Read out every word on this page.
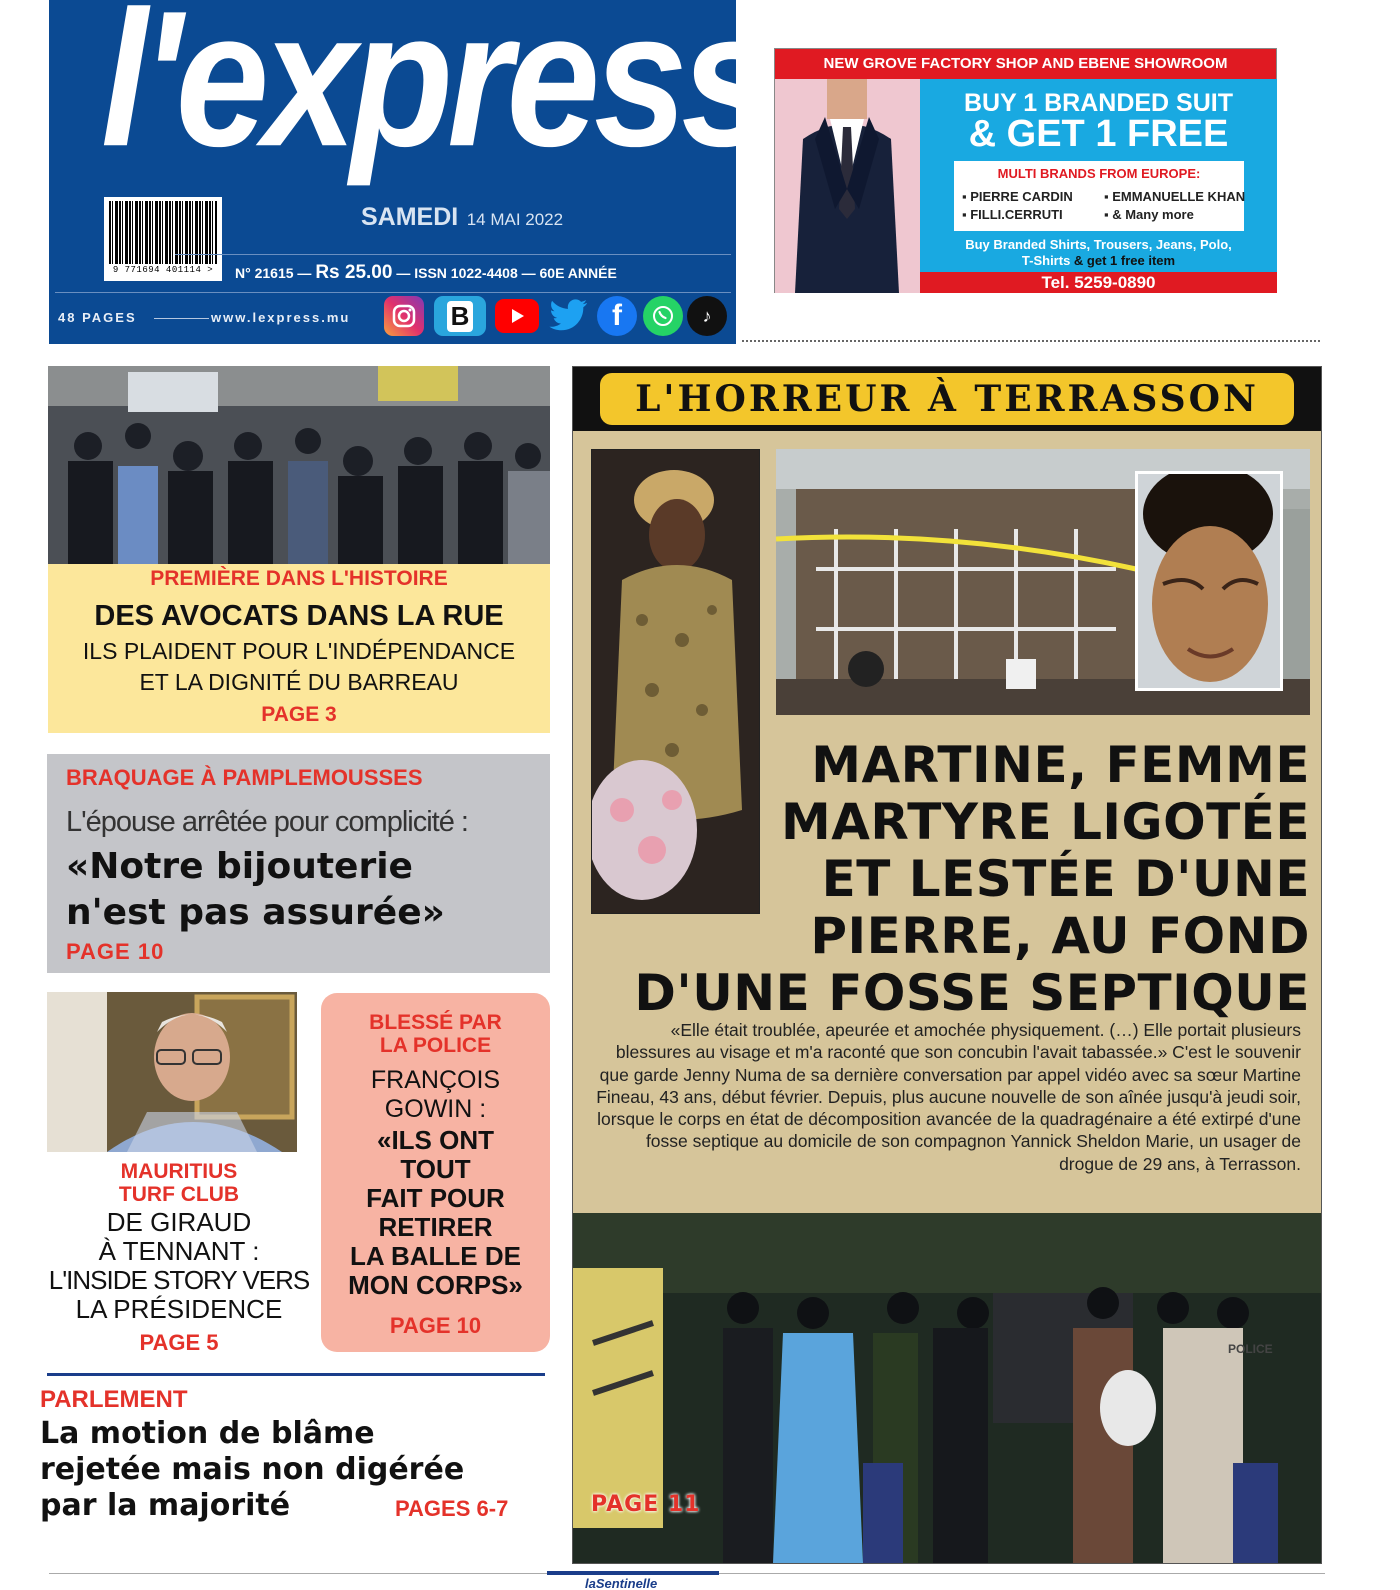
l'express
9 771694 401114 >
SAMEDI 14 MAI 2022
N° 21615 — Rs 25.00 — ISSN 1022-4408 — 60E ANNÉE
48 PAGES	www.lexpress.mu	B	f	♪
NEW GROVE FACTORY SHOP AND EBENE SHOWROOM
BUY 1 BRANDED SUIT
& GET 1 FREE
MULTI BRANDS FROM EUROPE:
▪ PIERRE CARDIN ▪ EMMANUELLE KHAN
▪ FILLI.CERRUTI	▪ & Many more
Buy Branded Shirts, Trousers, Jeans, Polo,
T-Shirts & get 1 free item
Tel. 5259-0890
PREMIÈRE DANS L'HISTOIRE
DES AVOCATS DANS LA RUE
ILS PLAIDENT POUR L'INDÉPENDANCE
ET LA DIGNITÉ DU BARREAU
PAGE 3
BRAQUAGE À PAMPLEMOUSSES
L'épouse arrêtée pour complicité :
«Notre bijouterie
n'est pas assurée»
PAGE 10
MAURITIUS
TURF CLUB
DE GIRAUD
À TENNANT :
L'INSIDE STORY VERS
LA PRÉSIDENCE
PAGE 5
BLESSÉ PAR
LA POLICE
FRANÇOIS
GOWIN :
«ILS ONT
TOUT
FAIT POUR
RETIRER
LA BALLE DE
MON CORPS»
PAGE 10
PARLEMENT
La motion de blâme
rejetée mais non digérée
par la majorité	PAGES 6-7
L'HORREUR À TERRASSON
MARTINE, FEMME
MARTYRE LIGOTÉE
ET LESTÉE D'UNE
PIERRE, AU FOND
D'UNE FOSSE SEPTIQUE
«Elle était troublée, apeurée et amochée physiquement. (…) Elle portait plusieurs blessures au visage et m'a raconté que son concubin l'avait tabassée.» C'est le souvenir que garde Jenny Numa de sa dernière conversation par appel vidéo avec sa sœur Martine Fineau, 43 ans, début février. Depuis, plus aucune nouvelle de son aînée jusqu'à jeudi soir, lorsque le corps en état de décomposition avancée de la quadragénaire a été extirpé d'une fosse septique au domicile de son compagnon Yannick Sheldon Marie, un usager de drogue de 29 ans, à Terrasson.
POLICE
PAGE 11
laSentinelle
